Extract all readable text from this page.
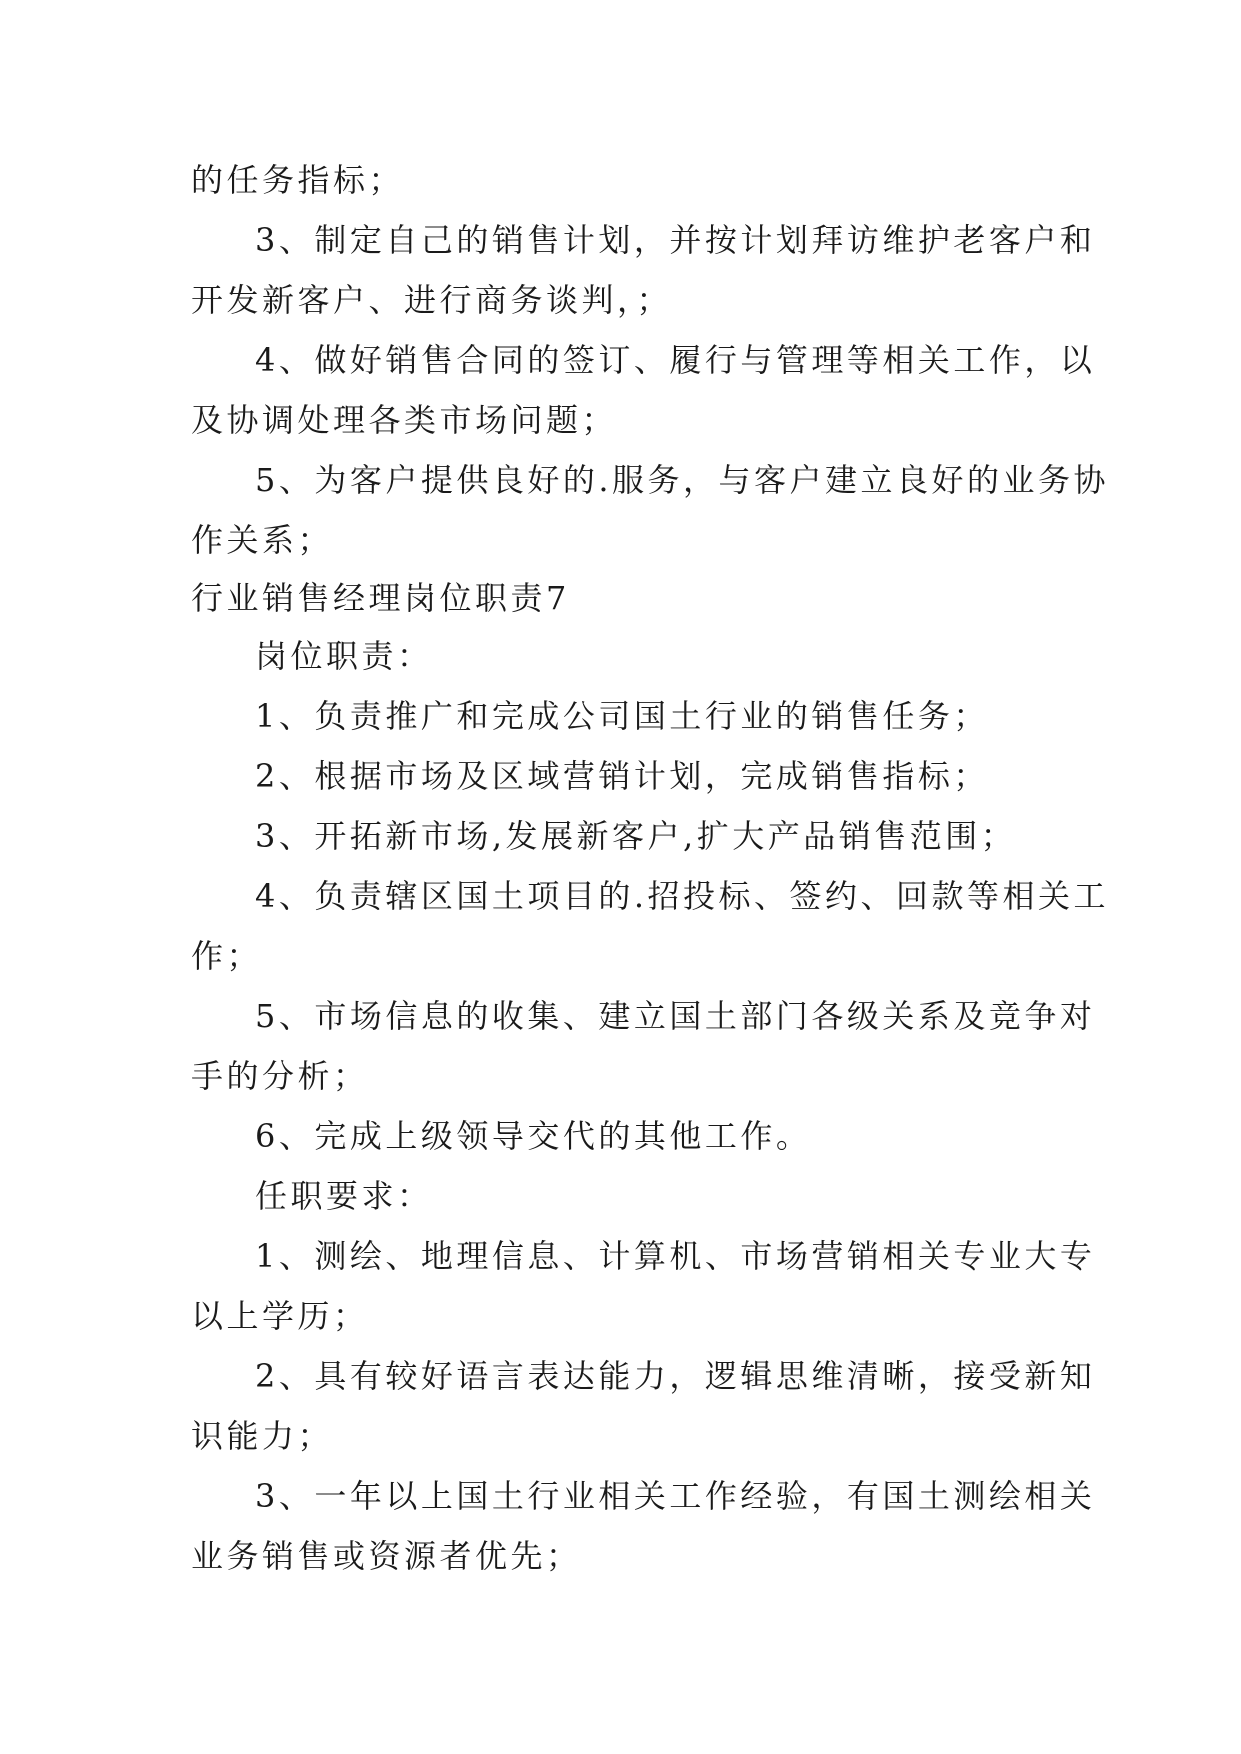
的任务指标；
3、制定自己的销售计划，并按计划拜访维护老客户和
开发新客户、进行商务谈判，；
4、做好销售合同的签订、履行与管理等相关工作，以
及协调处理各类市场问题；
5、为客户提供良好的.服务，与客户建立良好的业务协
作关系；
行业销售经理岗位职责7
岗位职责：
1、负责推广和完成公司国土行业的销售任务；
2、根据市场及区域营销计划，完成销售指标；
3、开拓新市场,发展新客户,扩大产品销售范围；
4、负责辖区国土项目的.招投标、签约、回款等相关工
作；
5、市场信息的收集、建立国土部门各级关系及竞争对
手的分析；
6、完成上级领导交代的其他工作。
任职要求：
1、测绘、地理信息、计算机、市场营销相关专业大专
以上学历；
2、具有较好语言表达能力，逻辑思维清晰，接受新知
识能力；
3、一年以上国土行业相关工作经验，有国土测绘相关
业务销售或资源者优先；
